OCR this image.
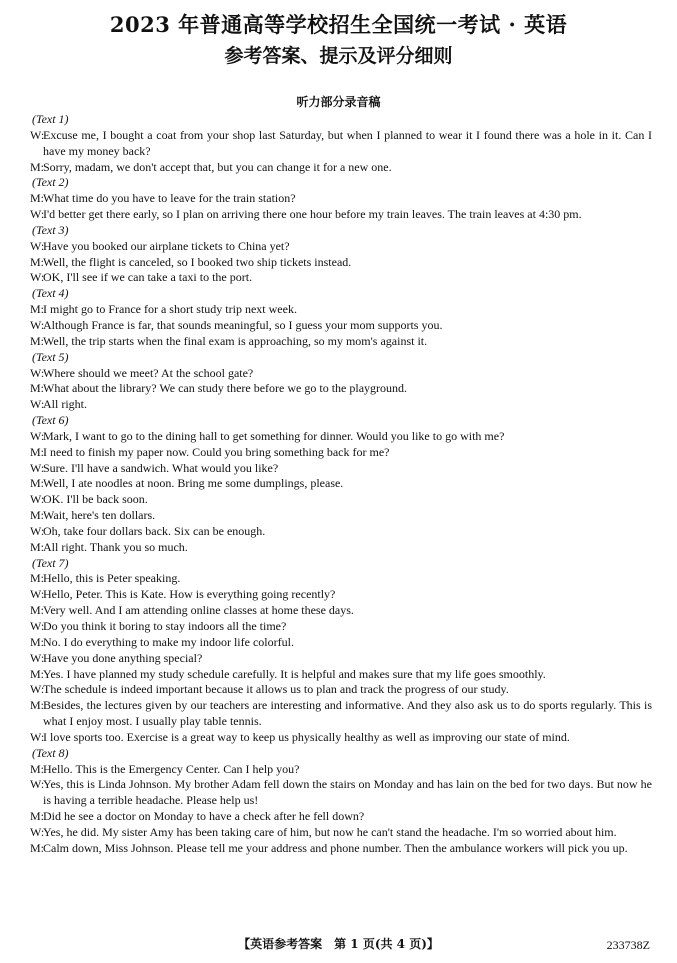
2023 年普通高等学校招生全国统一考试 · 英语
参考答案、提示及评分细则
听力部分录音稿
(Text 1)
W:
Excuse me, I bought a coat from your shop last Saturday, but when I planned to wear it I found there was a hole in it. Can I have my money back?
M:
Sorry, madam, we don't accept that, but you can change it for a new one.
(Text 2)
M:
What time do you have to leave for the train station?
W:
I'd better get there early, so I plan on arriving there one hour before my train leaves. The train leaves at 4:30 pm.
(Text 3)
W:
Have you booked our airplane tickets to China yet?
M:
Well, the flight is canceled, so I booked two ship tickets instead.
W:
OK, I'll see if we can take a taxi to the port.
(Text 4)
M:
I might go to France for a short study trip next week.
W:
Although France is far, that sounds meaningful, so I guess your mom supports you.
M:
Well, the trip starts when the final exam is approaching, so my mom's against it.
(Text 5)
W:
Where should we meet? At the school gate?
M:
What about the library? We can study there before we go to the playground.
W:
All right.
(Text 6)
W:
Mark, I want to go to the dining hall to get something for dinner. Would you like to go with me?
M:
I need to finish my paper now. Could you bring something back for me?
W:
Sure. I'll have a sandwich. What would you like?
M:
Well, I ate noodles at noon. Bring me some dumplings, please.
W:
OK. I'll be back soon.
M:
Wait, here's ten dollars.
W:
Oh, take four dollars back. Six can be enough.
M:
All right. Thank you so much.
(Text 7)
M:
Hello, this is Peter speaking.
W:
Hello, Peter. This is Kate. How is everything going recently?
M:
Very well. And I am attending online classes at home these days.
W:
Do you think it boring to stay indoors all the time?
M:
No. I do everything to make my indoor life colorful.
W:
Have you done anything special?
M:
Yes. I have planned my study schedule carefully. It is helpful and makes sure that my life goes smoothly.
W:
The schedule is indeed important because it allows us to plan and track the progress of our study.
M:
Besides, the lectures given by our teachers are interesting and informative. And they also ask us to do sports regularly. This is what I enjoy most. I usually play table tennis.
W:
I love sports too. Exercise is a great way to keep us physically healthy as well as improving our state of mind.
(Text 8)
M:
Hello. This is the Emergency Center. Can I help you?
W:
Yes, this is Linda Johnson. My brother Adam fell down the stairs on Monday and has lain on the bed for two days. But now he is having a terrible headache. Please help us!
M:
Did he see a doctor on Monday to have a check after he fell down?
W:
Yes, he did. My sister Amy has been taking care of him, but now he can't stand the headache. I'm so worried about him.
M:
Calm down, Miss Johnson. Please tell me your address and phone number. Then the ambulance workers will pick you up.
【英语参考答案　第 1 页(共 4 页)】	233738Z
